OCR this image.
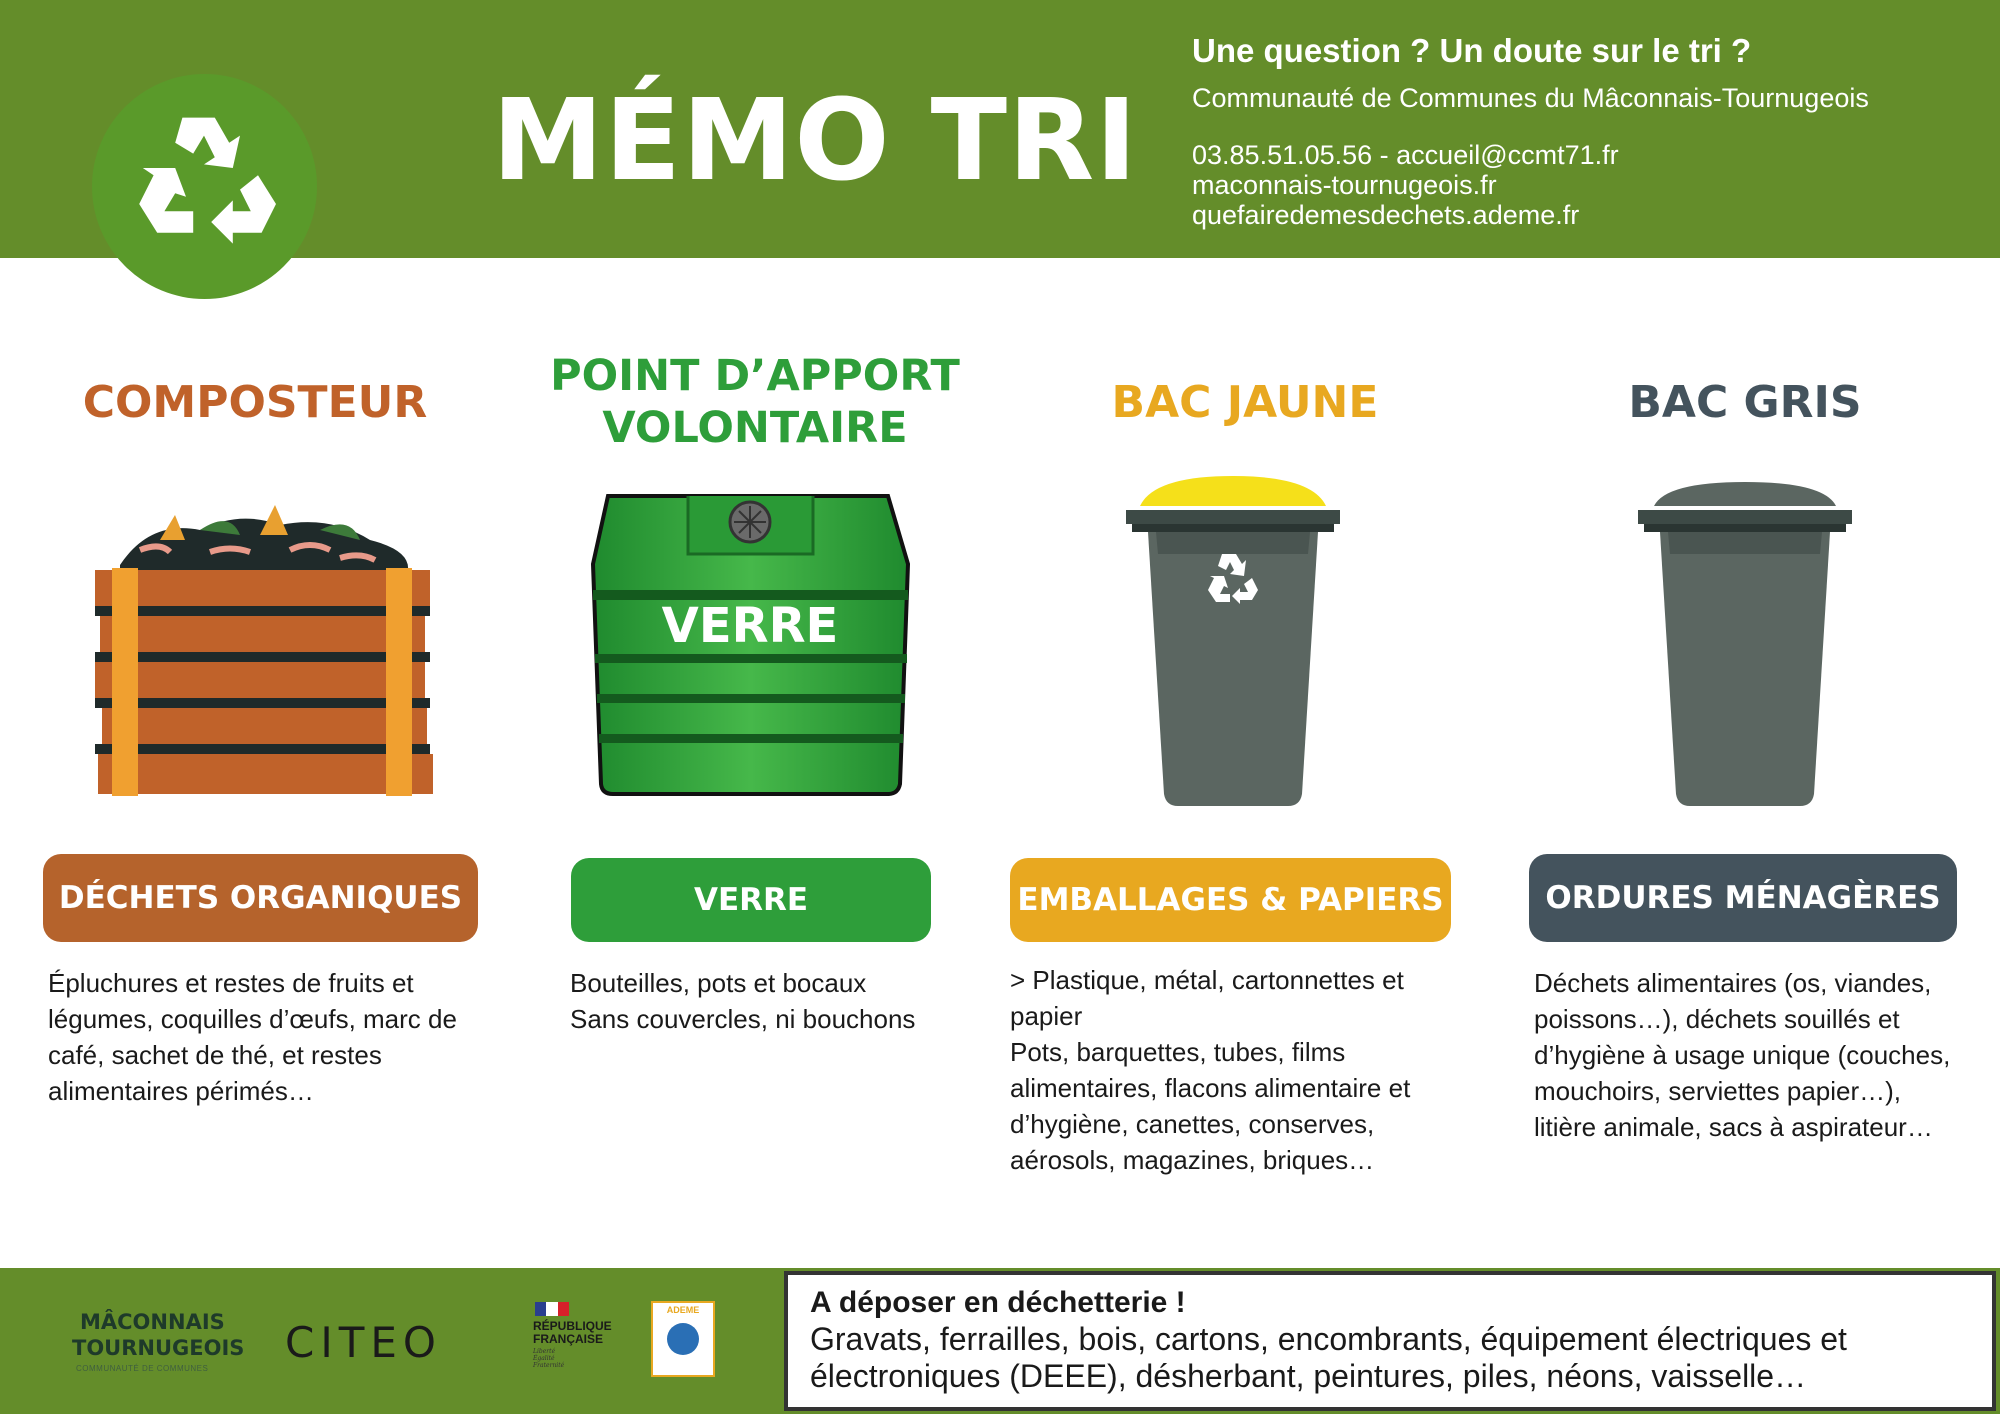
MÉMO TRI
Une question ? Un doute sur le tri ?
Communauté de Communes du Mâconnais-Tournugeois
03.85.51.05.56 - accueil@ccmt71.fr
maconnais-tournugeois.fr
quefairedemesdechets.ademe.fr
COMPOSTEUR
POINT D’APPORT
VOLONTAIRE	BAC JAUNE	BAC GRIS
VERRE
DÉCHETS ORGANIQUES	VERRE	EMBALLAGES & PAPIERS	ORDURES MÉNAGÈRES
Épluchures et restes de fruits et légumes, coquilles d’œufs, marc de café, sachet de thé, et restes alimentaires périmés…
Bouteilles, pots et bocaux
Sans couvercles, ni bouchons
> Plastique, métal, cartonnettes et papier
Pots, barquettes, tubes, films alimentaires, flacons alimentaire et d’hygiène, canettes, conserves, aérosols, magazines, briques…
Déchets alimentaires (os, viandes, poissons…), déchets souillés et d’hygiène à usage unique (couches, mouchoirs, serviettes papier…), litière animale, sacs à aspirateur…
MÂCONNAIS
TOURNUGEOIS
COMMUNAUTÉ DE COMMUNES
CITEO	RÉPUBLIQUE
FRANÇAISE
Liberté
Égalité
Fraternité
ADEME	A déposer en déchetterie !
Gravats, ferrailles, bois, cartons, encombrants, équipement électriques et électroniques (DEEE), désherbant, peintures, piles, néons, vaisselle…
